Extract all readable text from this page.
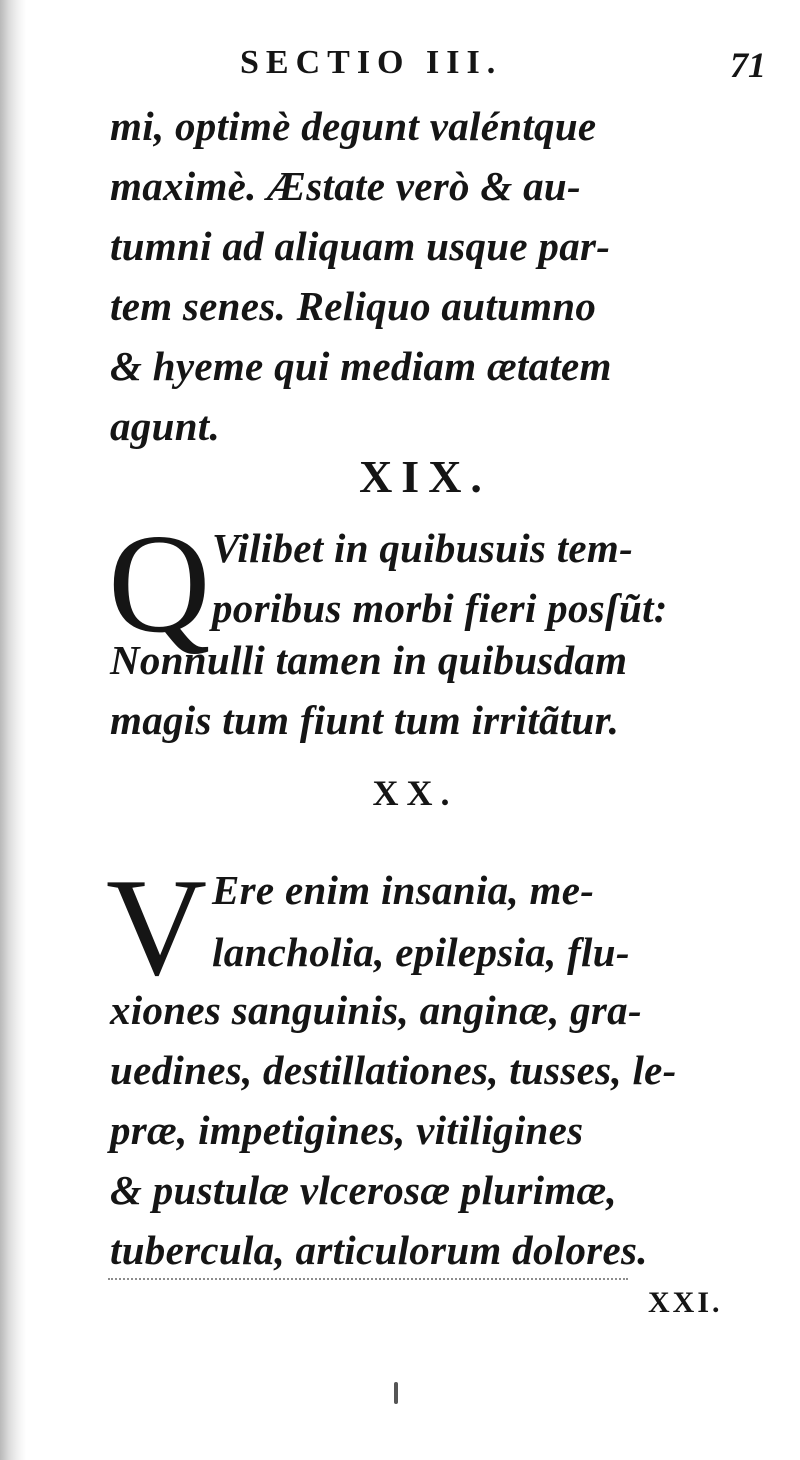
SECTIO III.	71
mi, optimè degunt valéntque
maximè. Æstate verò & au-
tumni ad aliquam usque par-
tem senes. Reliquo autumno
& hyeme qui mediam ætatem
agunt.
XIX.
Q Vilibet in quibusuis tem-
poribus morbi fieri posſũt:
Nonnulli tamen in quibusdam
magis tum fiunt tum irritãtur.
XX.
V Ere enim insania, me-
lancholia, epilepsia, flu-
xiones sanguinis, anginæ, gra-
uedines, destillationes, tusses, le-
præ, impetigines, vitiligines
& pustulæ vlcerosæ plurimæ,
tubercula, articulorum dolores.
XXI.
